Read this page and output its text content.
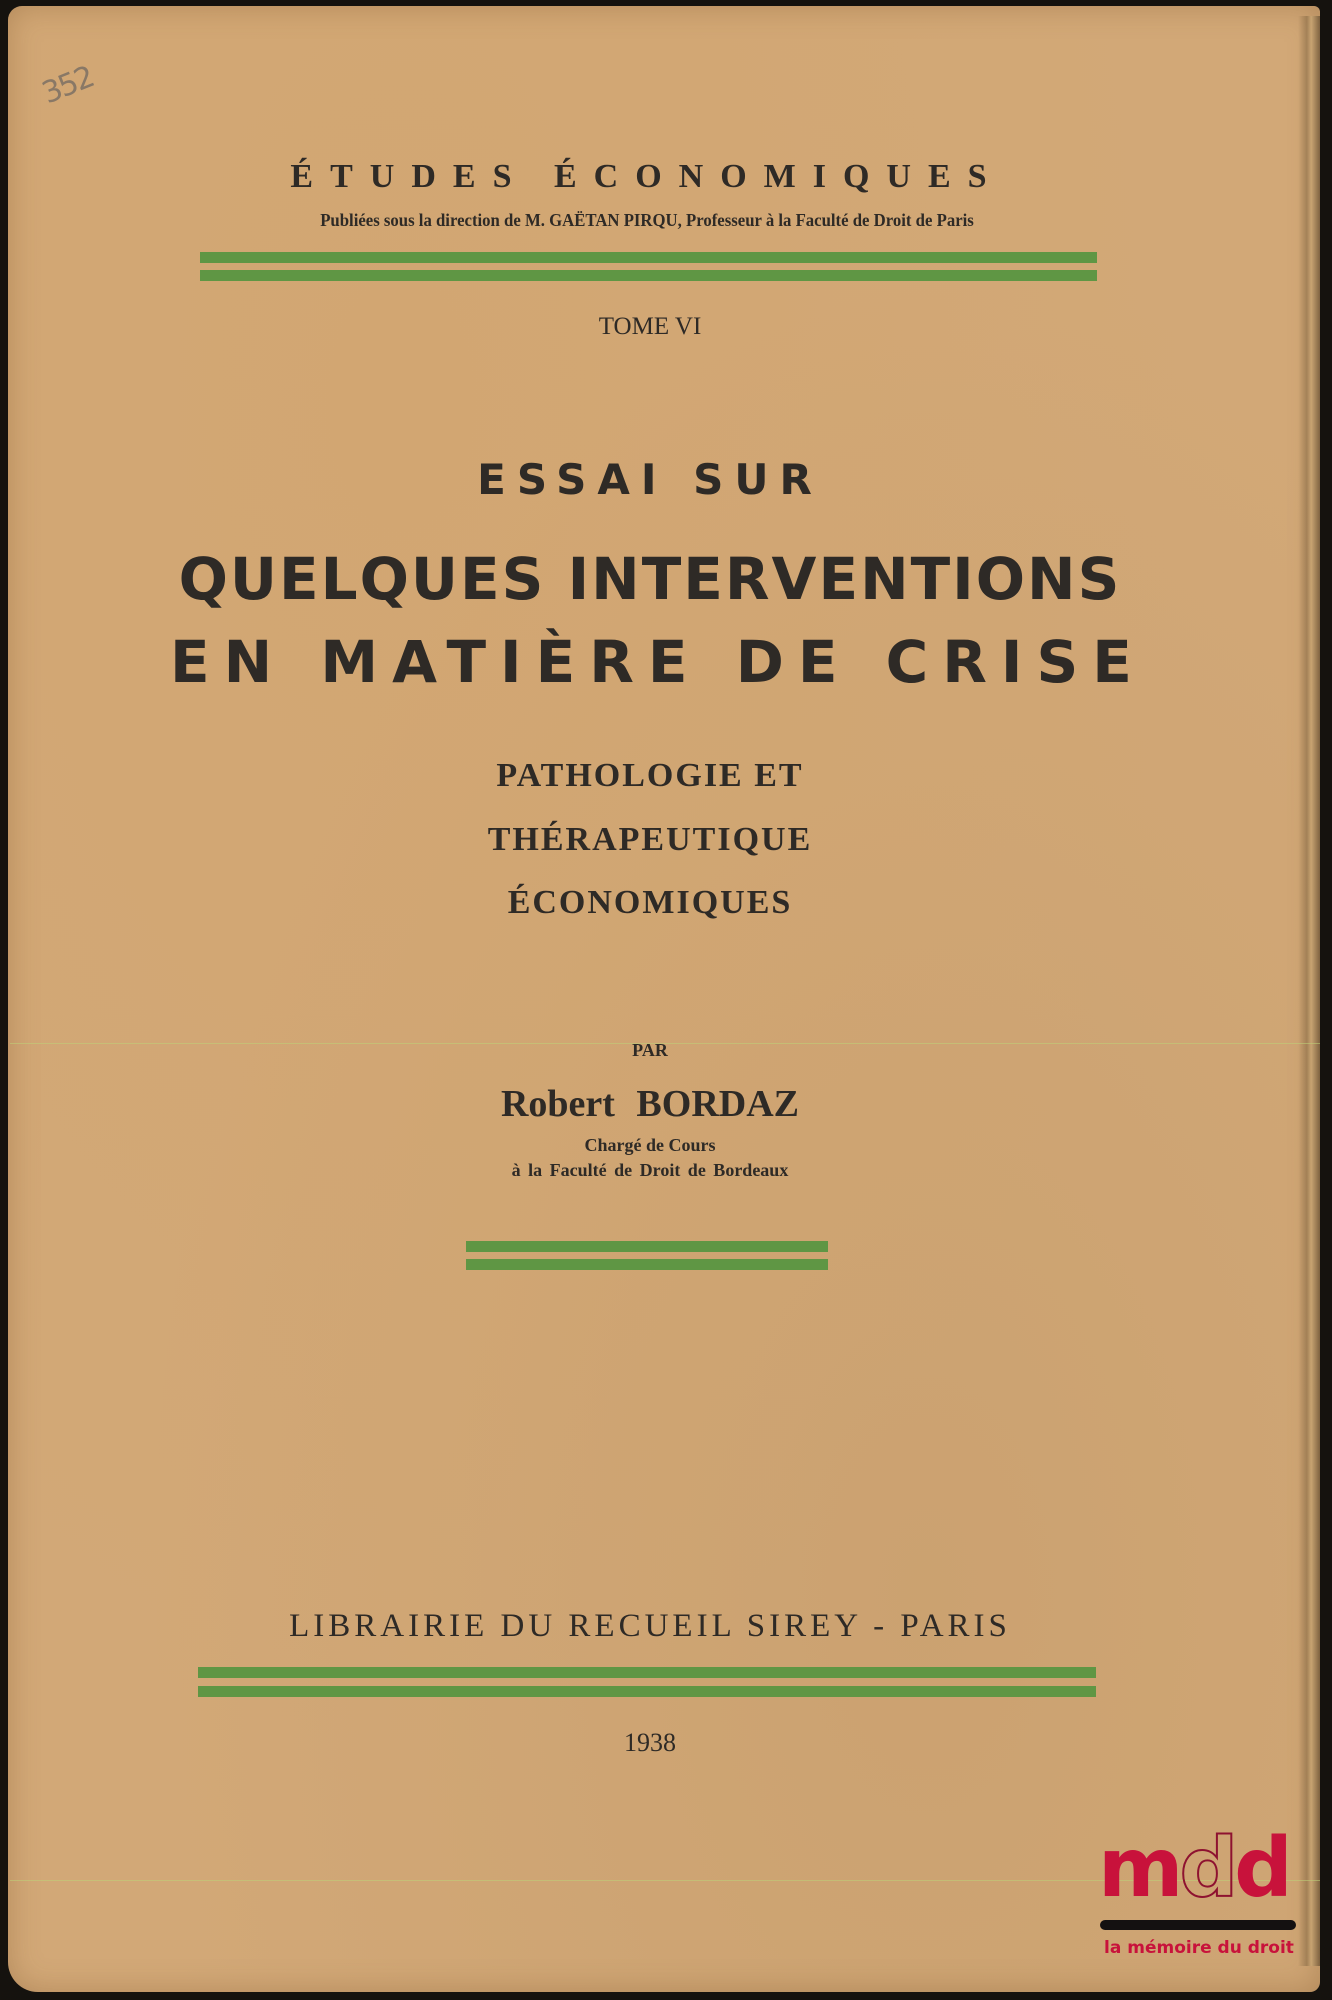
352
ÉTUDES ÉCONOMIQUES
Publiées sous la direction de M. GAËTAN PIRQU, Professeur à la Faculté de Droit de Paris
TOME VI
ESSAI SUR
QUELQUES INTERVENTIONS
EN MATIÈRE DE CRISE
PATHOLOGIE ET
THÉRAPEUTIQUE
ÉCONOMIQUES
PAR
Robert BORDAZ
Chargé de Cours
à la Faculté de Droit de Bordeaux
LIBRAIRIE DU RECUEIL SIREY - PARIS
1938
mdd
la mémoire du droit
